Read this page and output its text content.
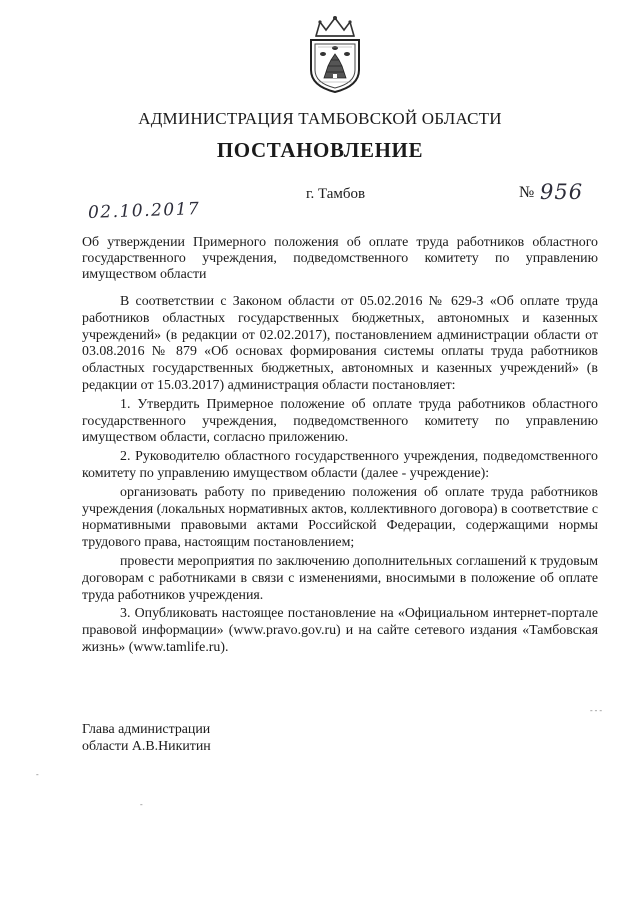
АДМИНИСТРАЦИЯ ТАМБОВСКОЙ ОБЛАСТИ
ПОСТАНОВЛЕНИЕ
02.10.2017
г. Тамбов	№ 956
Об утверждении Примерного положения об оплате труда работников областного государственного учреждения, подведомственного комитету по управлению имуществом области

В соответствии с Законом области от 05.02.2016 № 629-З «Об оплате труда работников областных государственных бюджетных, автономных и казенных учреждений» (в редакции от 02.02.2017), постановлением администрации области от 03.08.2016 № 879 «Об основах формирования системы оплаты труда работников областных государственных бюджетных, автономных и казенных учреждений» (в редакции от 15.03.2017) администрация области постановляет:

1. Утвердить Примерное положение об оплате труда работников областного государственного учреждения, подведомственного комитету по управлению имуществом области, согласно приложению.

2. Руководителю областного государственного учреждения, подведомственного комитету по управлению имуществом области (далее - учреждение):

организовать работу по приведению положения об оплате труда работников учреждения (локальных нормативных актов, коллективного договора) в соответствие с нормативными правовыми актами Российской Федерации, содержащими нормы трудового права, настоящим постановлением;

провести мероприятия по заключению дополнительных соглашений к трудовым договорам с работниками в связи с изменениями, вносимыми в положение об оплате труда работников учреждения.

3. Опубликовать настоящее постановление на «Официальном интернет-портале правовой информации» (www.pravo.gov.ru) и на сайте сетевого издания «Тамбовская жизнь» (www.tamlife.ru).

Глава администрации
области А.В.Никитин
-
-
- - -
